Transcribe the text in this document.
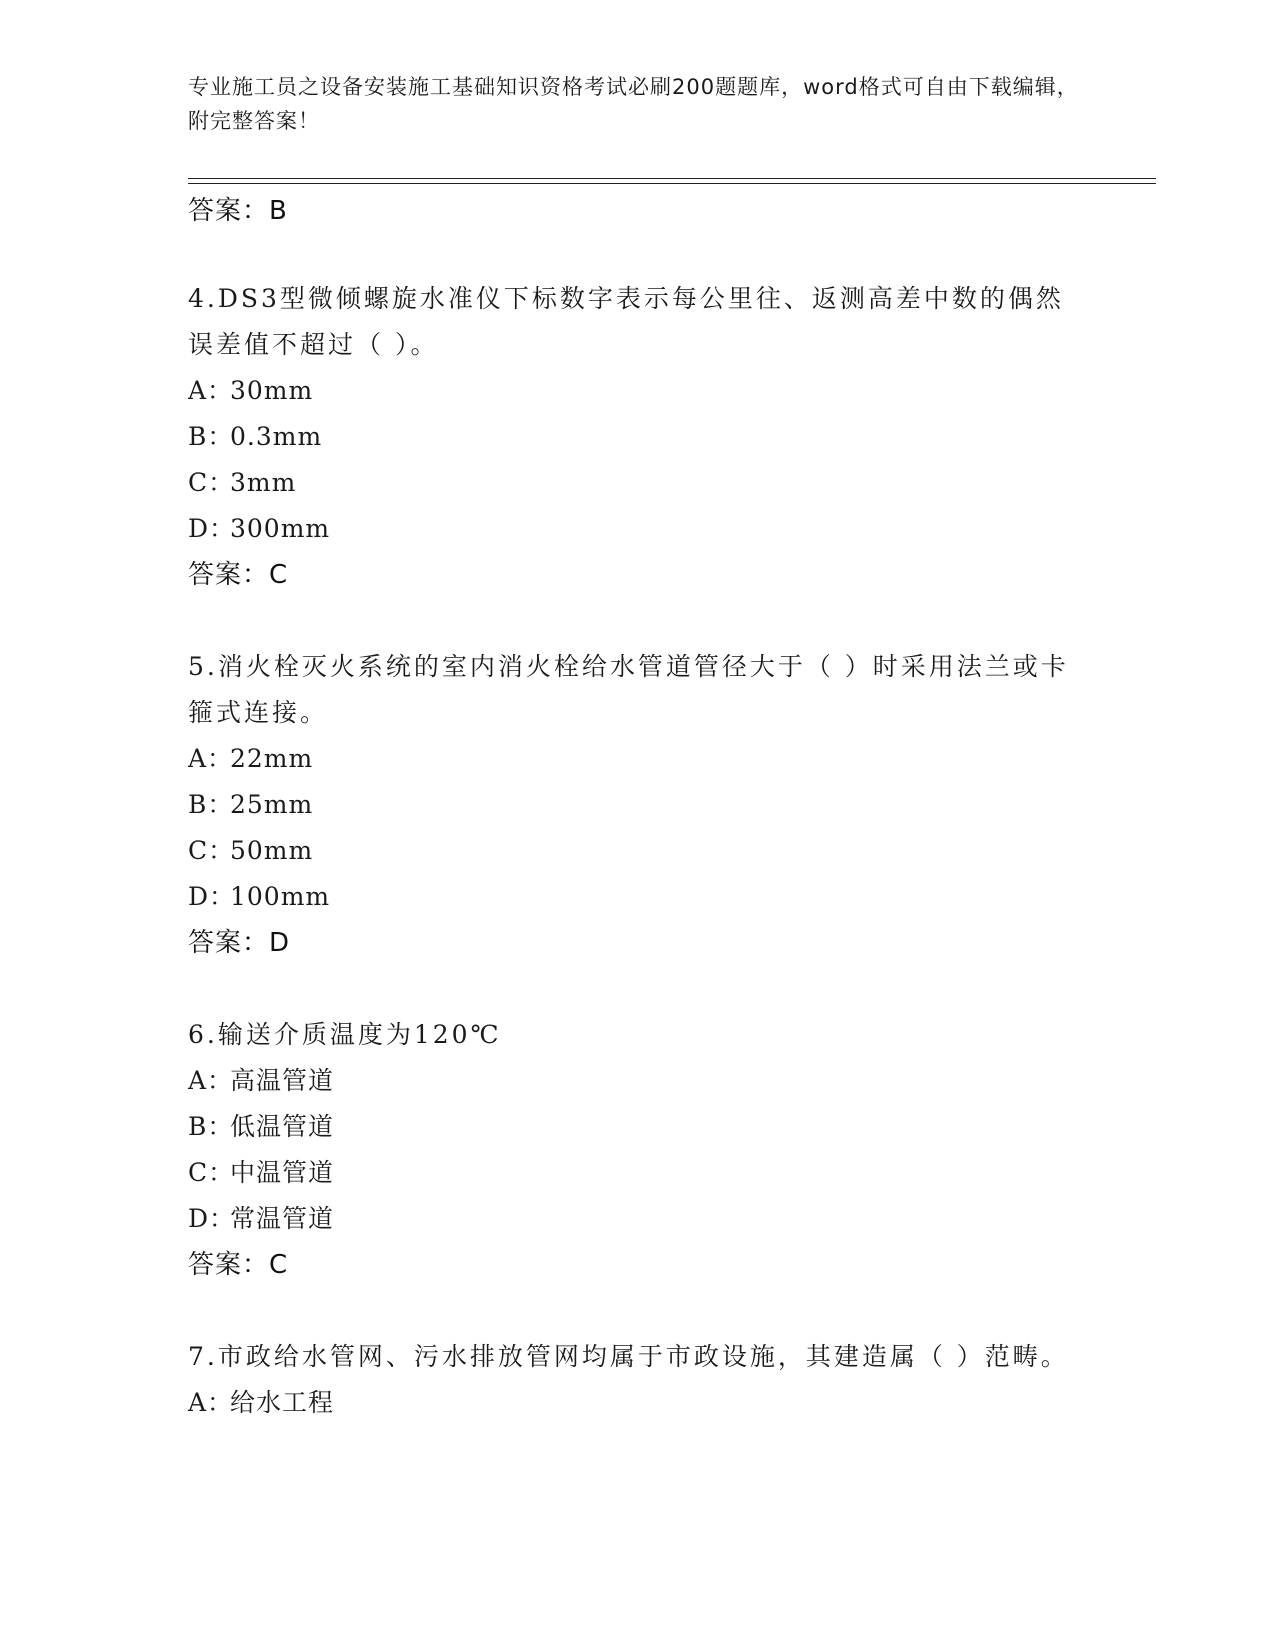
专业施工员之设备安装施工基础知识资格考试必刷200题题库，word格式可自由下载编辑，附完整答案！
答案：B
4.DS3型微倾螺旋水准仪下标数字表示每公里往、返测高差中数的偶然误差值不超过（ ）。
A：30mm
B：0.3mm
C：3mm
D：300mm
答案：C
5.消火栓灭火系统的室内消火栓给水管道管径大于（ ）时采用法兰或卡箍式连接。
A：22mm
B：25mm
C：50mm
D：100mm
答案：D
6.输送介质温度为120℃
A：高温管道
B：低温管道
C：中温管道
D：常温管道
答案：C
7.市政给水管网、污水排放管网均属于市政设施，其建造属（ ）范畴。
A：给水工程
